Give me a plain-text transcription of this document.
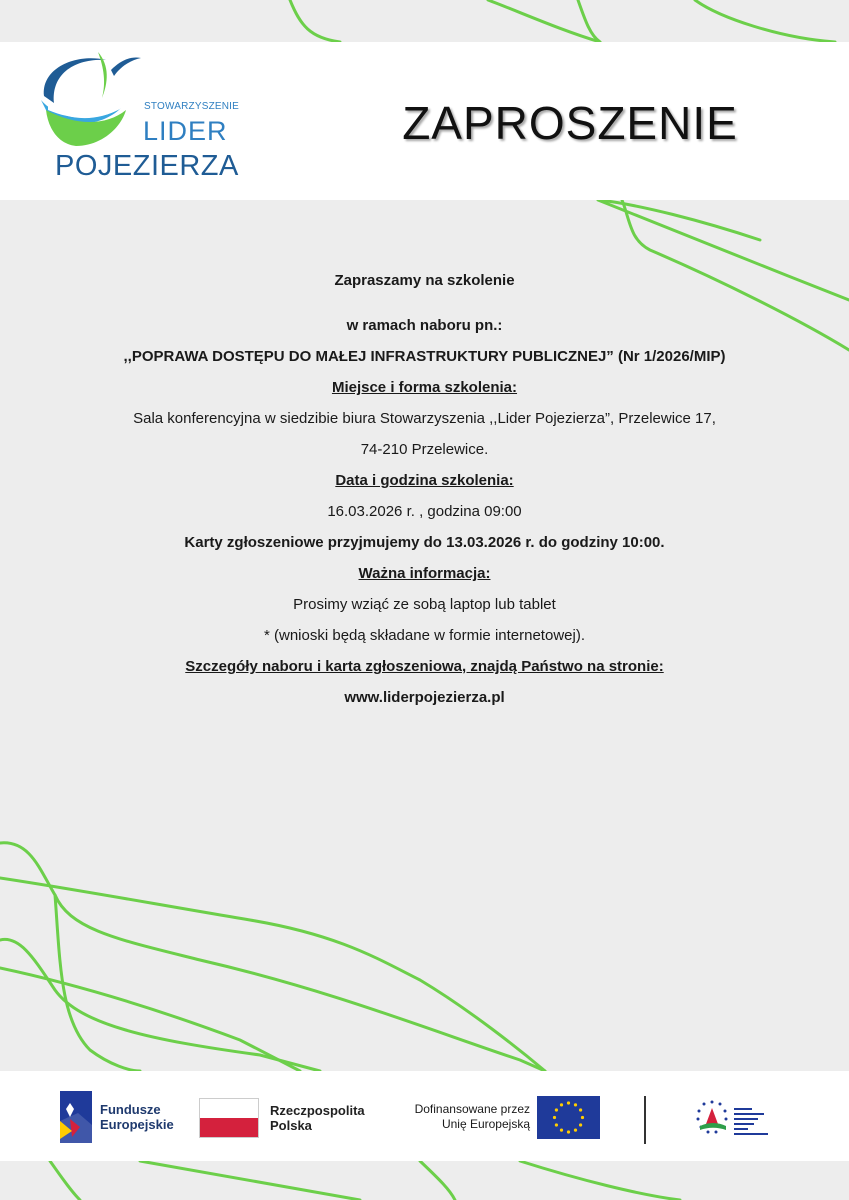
STOWARZYSZENIE
LIDER
POJEZIERZA
ZAPROSZENIE
Zapraszamy na szkolenie
w ramach naboru pn.:
,,POPRAWA DOSTĘPU DO MAŁEJ INFRASTRUKTURY PUBLICZNEJ” (Nr 1/2026/MIP)
Miejsce i forma szkolenia:
Sala konferencyjna w siedzibie biura Stowarzyszenia ,,Lider Pojezierza”, Przelewice 17,
74-210 Przelewice.
Data i godzina szkolenia:
16.03.2026 r. , godzina 09:00
Karty zgłoszeniowe przyjmujemy do 13.03.2026 r. do godziny 10:00.
Ważna informacja:
Prosimy wziąć ze sobą laptop lub tablet
* (wnioski będą składane w formie internetowej).
Szczegóły naboru i karta zgłoszeniowa, znajdą Państwo na stronie:
www.liderpojezierza.pl
Fundusze
Europejskie
Rzeczpospolita
Polska
Dofinansowane przez
Unię Europejską
